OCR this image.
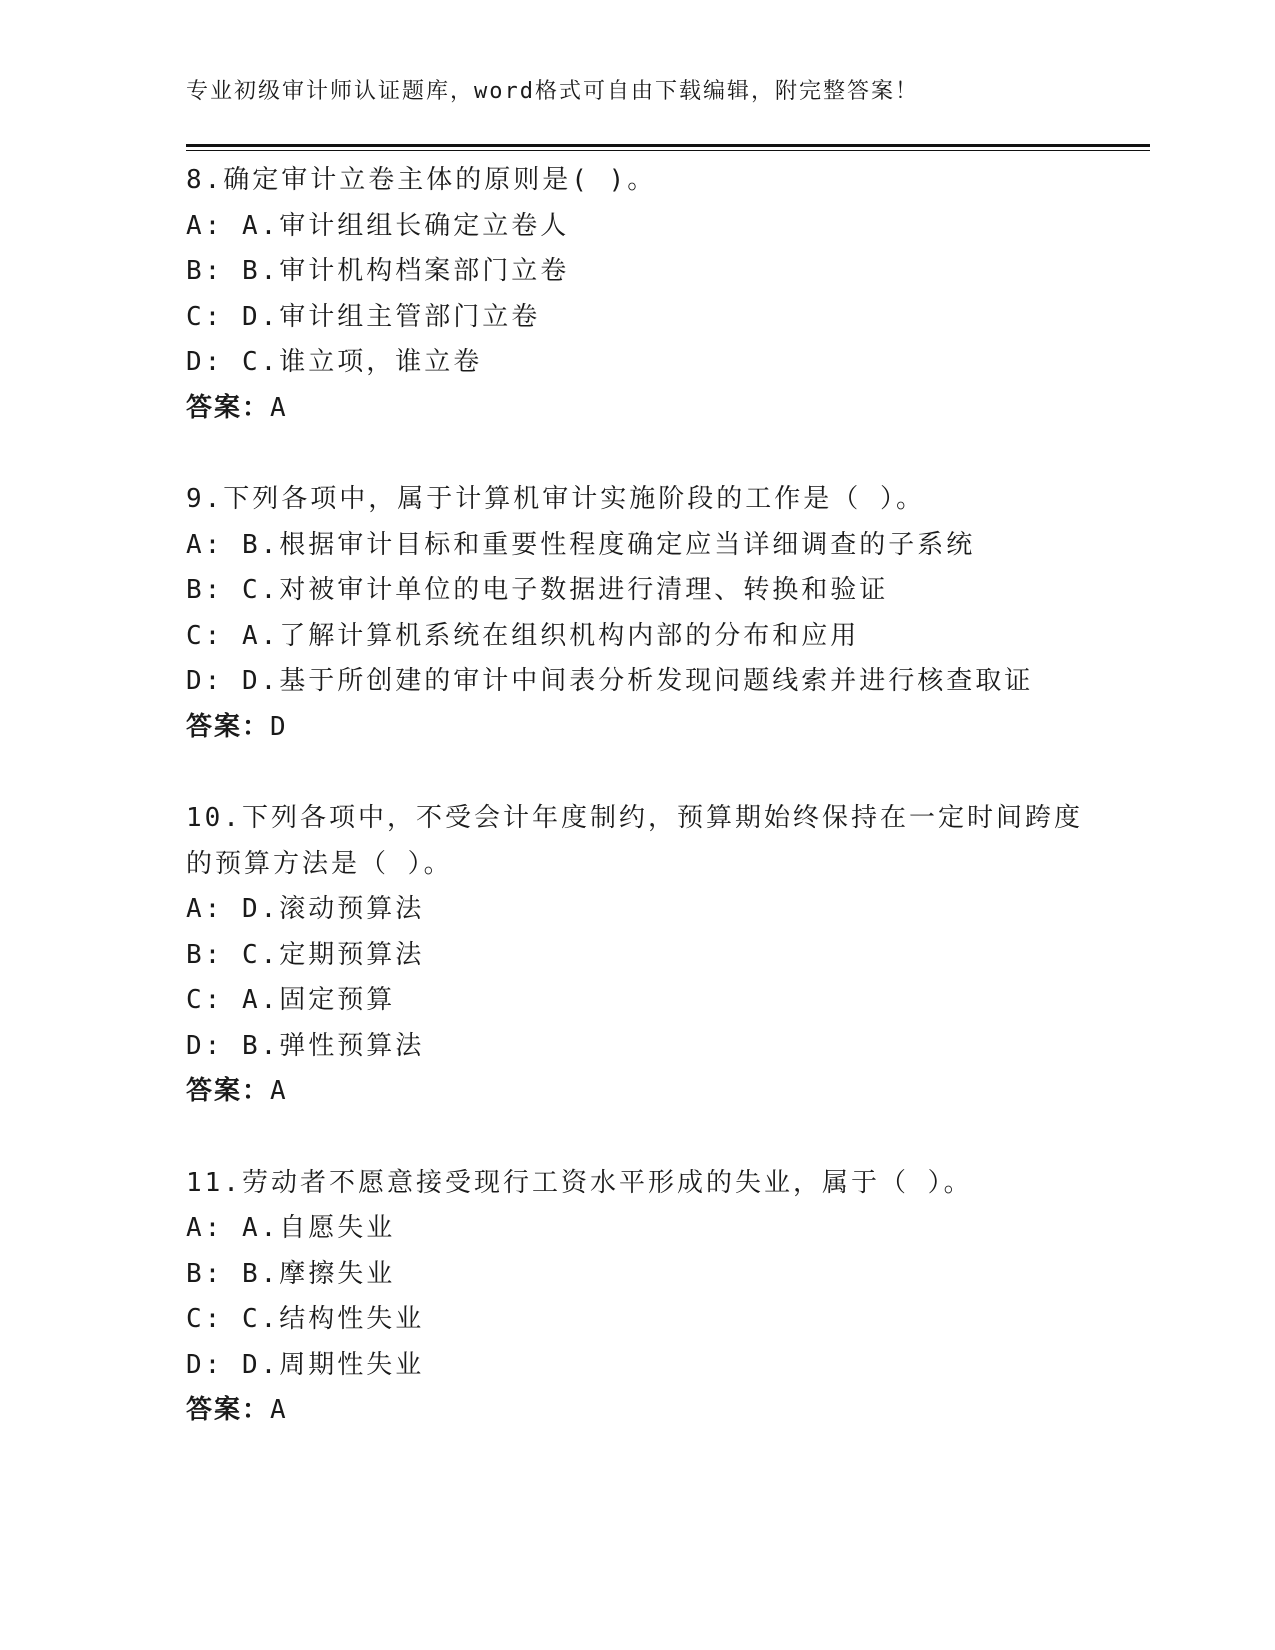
专业初级审计师认证题库，word格式可自由下载编辑，附完整答案！
8.确定审计立卷主体的原则是( )。
A: A.审计组组长确定立卷人
B: B.审计机构档案部门立卷
C: D.审计组主管部门立卷
D: C.谁立项，谁立卷
答案：A
9.下列各项中，属于计算机审计实施阶段的工作是（ ）。
A: B.根据审计目标和重要性程度确定应当详细调查的子系统
B: C.对被审计单位的电子数据进行清理、转换和验证
C: A.了解计算机系统在组织机构内部的分布和应用
D: D.基于所创建的审计中间表分析发现问题线索并进行核查取证
答案：D
10.下列各项中，不受会计年度制约，预算期始终保持在一定时间跨度
的预算方法是（ ）。
A: D.滚动预算法
B: C.定期预算法
C: A.固定预算
D: B.弹性预算法
答案：A
11.劳动者不愿意接受现行工资水平形成的失业，属于（ ）。
A: A.自愿失业
B: B.摩擦失业
C: C.结构性失业
D: D.周期性失业
答案：A
